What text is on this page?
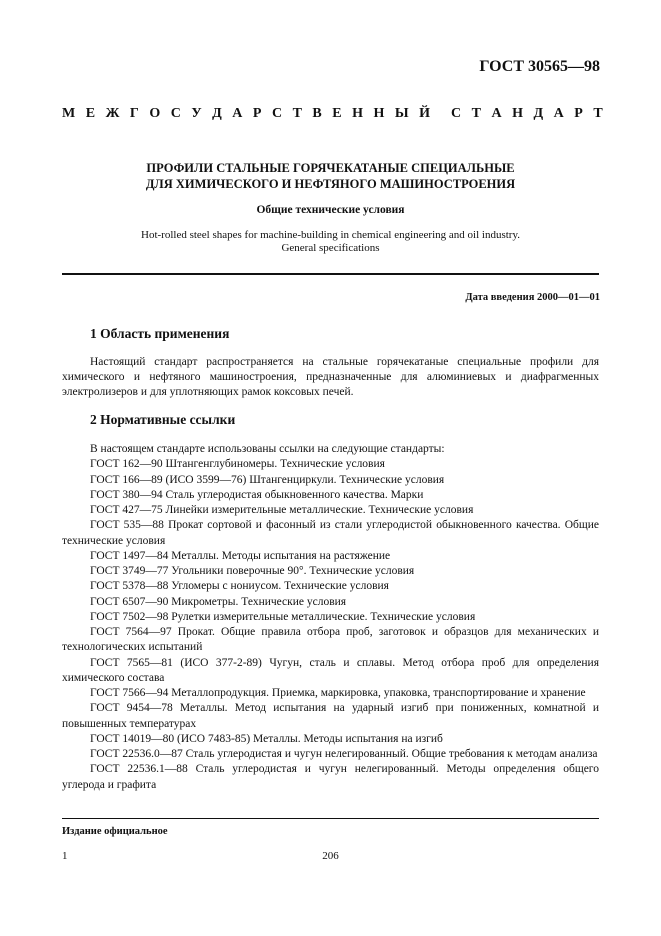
ГОСТ 30565—98
М Е Ж Г О С У Д А Р С Т В Е Н Н Ы Й С Т А Н Д А Р Т
ПРОФИЛИ СТАЛЬНЫЕ ГОРЯЧЕКАТАНЫЕ СПЕЦИАЛЬНЫЕ
ДЛЯ ХИМИЧЕСКОГО И НЕФТЯНОГО МАШИНОСТРОЕНИЯ
Общие технические условия
Hot-rolled steel shapes for machine-building in chemical engineering and oil industry.
General specifications
Дата введения 2000—01—01
1 Область применения

Настоящий стандарт распространяется на стальные горячекатаные специальные профили для химического и нефтяного машиностроения, предназначенные для алюминиевых и диафрагменных электролизеров и для уплотняющих рамок коксовых печей.

2 Нормативные ссылки

В настоящем стандарте использованы ссылки на следующие стандарты:

ГОСТ 162—90 Штангенглубиномеры. Технические условия

ГОСТ 166—89 (ИСО 3599—76) Штангенциркули. Технические условия

ГОСТ 380—94 Сталь углеродистая обыкновенного качества. Марки

ГОСТ 427—75 Линейки измерительные металлические. Технические условия

ГОСТ 535—88 Прокат сортовой и фасонный из стали углеродистой обыкновенного качества. Общие технические условия

ГОСТ 1497—84 Металлы. Методы испытания на растяжение

ГОСТ 3749—77 Угольники поверочные 90°. Технические условия

ГОСТ 5378—88 Угломеры с нониусом. Технические условия

ГОСТ 6507—90 Микрометры. Технические условия

ГОСТ 7502—98 Рулетки измерительные металлические. Технические условия

ГОСТ 7564—97 Прокат. Общие правила отбора проб, заготовок и образцов для механических и технологических испытаний

ГОСТ 7565—81 (ИСО 377-2-89) Чугун, сталь и сплавы. Метод отбора проб для определения химического состава

ГОСТ 7566—94 Металлопродукция. Приемка, маркировка, упаковка, транспортирование и хранение

ГОСТ 9454—78 Металлы. Метод испытания на ударный изгиб при пониженных, комнатной и повышенных температурах

ГОСТ 14019—80 (ИСО 7483-85) Металлы. Методы испытания на изгиб

ГОСТ 22536.0—87 Сталь углеродистая и чугун нелегированный. Общие требования к методам анализа

ГОСТ 22536.1—88 Сталь углеродистая и чугун нелегированный. Методы определения общего углерода и графита

Издание официальное
1	206
